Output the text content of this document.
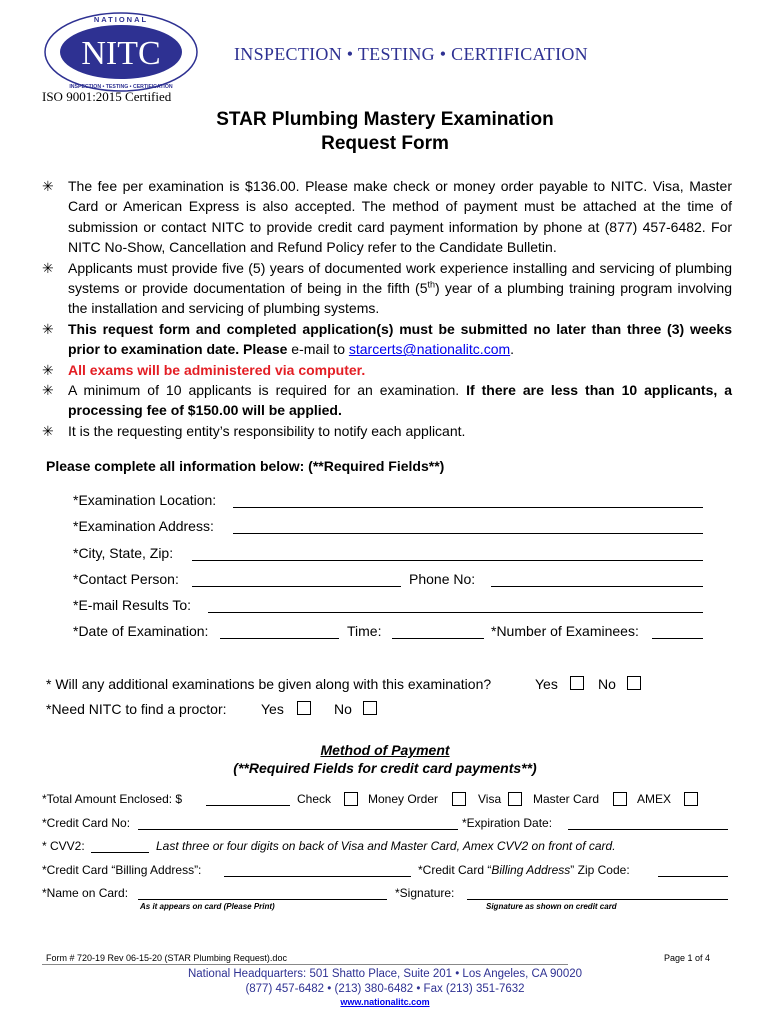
NITC
NATIONAL
INSPECTION • TESTING • CERTIFICATION
INSPECTION • TESTING • CERTIFICATION
ISO 9001:2015 Certified
STAR Plumbing Mastery Examination
Request Form
✳ The fee per examination is $136.00. Please make check or money order payable to NITC. Visa, Master Card or American Express is also accepted. The method of payment must be attached at the time of submission or contact NITC to provide credit card payment information by phone at (877) 457-6482. For NITC No-Show, Cancellation and Refund Policy refer to the Candidate Bulletin.
✳ Applicants must provide five (5) years of documented work experience installing and servicing of plumbing systems or provide documentation of being in the fifth (5th) year of a plumbing training program involving the installation and servicing of plumbing systems.
✳ This request form and completed application(s) must be submitted no later than three (3) weeks prior to examination date. Please e-mail to starcerts@nationalitc.com.
✳ All exams will be administered via computer.
✳ A minimum of 10 applicants is required for an examination. If there are less than 10 applicants, a processing fee of $150.00 will be applied.
✳ It is the requesting entity’s responsibility to notify each applicant.
Please complete all information below: (**Required Fields**)
*Examination Location:
*Examination Address:
*City, State, Zip:
*Contact Person:	Phone No:
*E-mail Results To:
*Date of Examination:	Time:	*Number of Examinees:
* Will any additional examinations be given along with this examination?	Yes	No
*Need NITC to find a proctor: Yes	No
Method of Payment
(**Required Fields for credit card payments**)
*Total Amount Enclosed: $	Check	Money Order	Visa	Master Card	AMEX
*Credit Card No:	*Expiration Date:
* CVV2:	Last three or four digits on back of Visa and Master Card, Amex CVV2 on front of card.
*Credit Card “Billing Address”:	*Credit Card “Billing Address” Zip Code:
*Name on Card:	*Signature:
As it appears on card (Please Print)	Signature as shown on credit card
Form # 720-19 Rev 06-15-20 (STAR Plumbing Request).doc	Page 1 of 4
National Headquarters: 501 Shatto Place, Suite 201 • Los Angeles, CA 90020
(877) 457-6482 • (213) 380-6482 • Fax (213) 351-7632
www.nationalitc.com
